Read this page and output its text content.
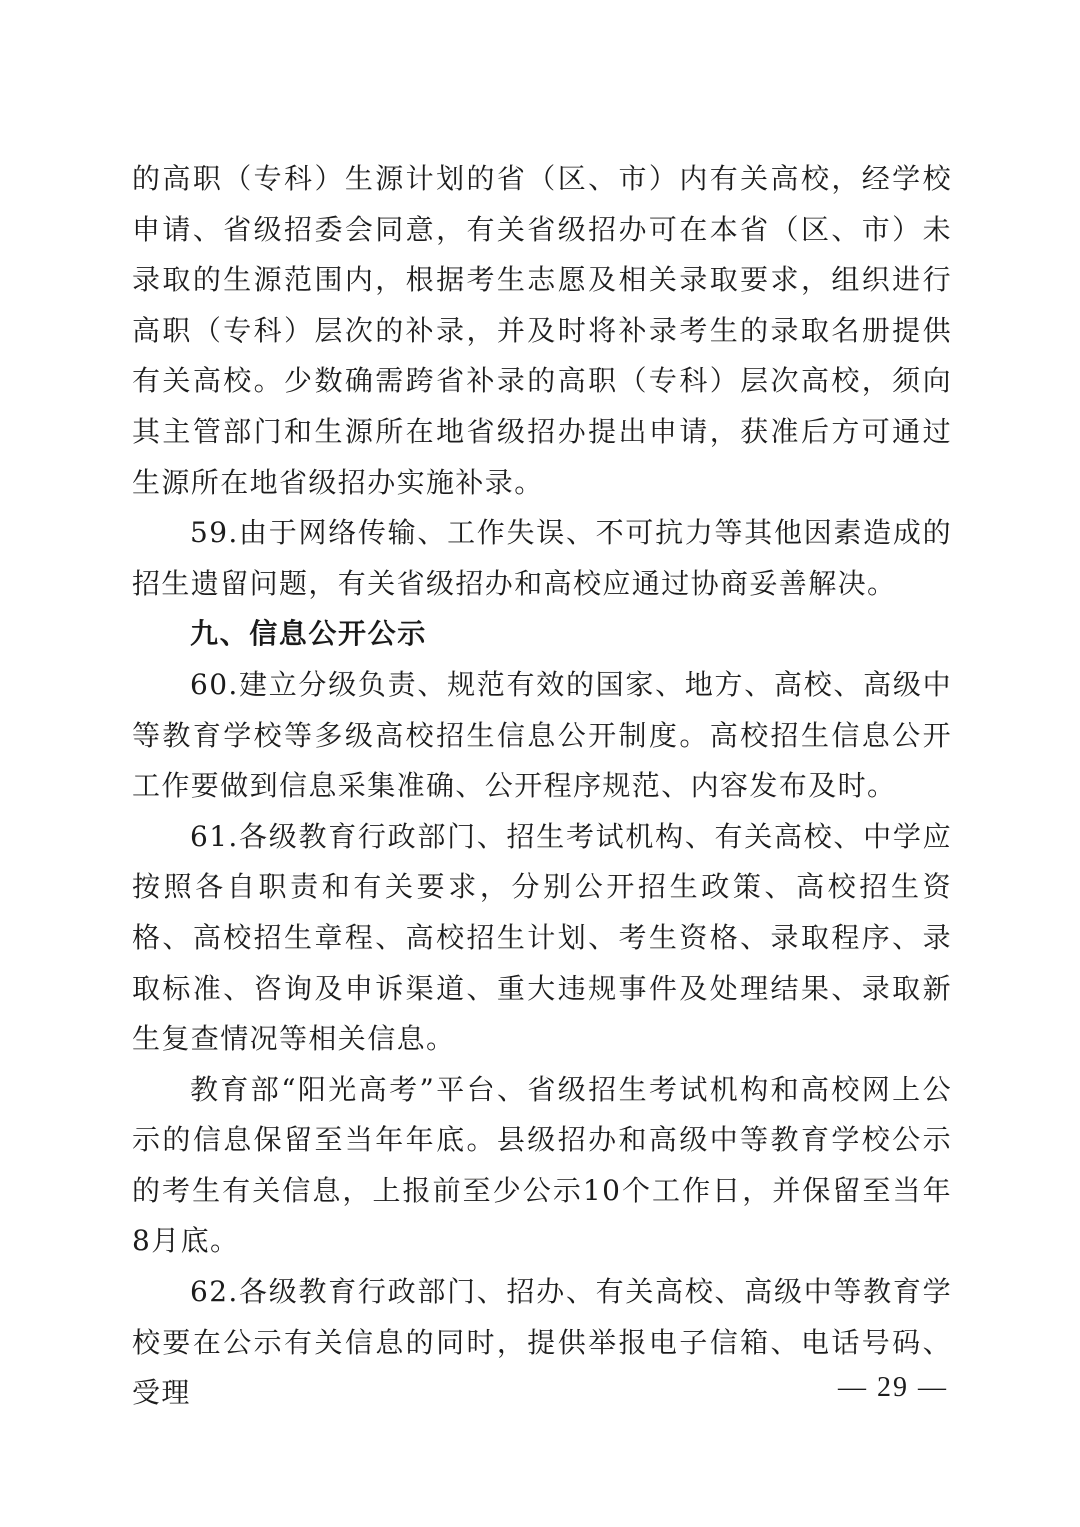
的高职（专科）生源计划的省（区、市）内有关高校，经学校申请、省级招委会同意，有关省级招办可在本省（区、市）未录取的生源范围内，根据考生志愿及相关录取要求，组织进行高职（专科）层次的补录，并及时将补录考生的录取名册提供有关高校。少数确需跨省补录的高职（专科）层次高校，须向其主管部门和生源所在地省级招办提出申请，获准后方可通过生源所在地省级招办实施补录。

59.由于网络传输、工作失误、不可抗力等其他因素造成的招生遗留问题，有关省级招办和高校应通过协商妥善解决。

九、信息公开公示

60.建立分级负责、规范有效的国家、地方、高校、高级中等教育学校等多级高校招生信息公开制度。高校招生信息公开工作要做到信息采集准确、公开程序规范、内容发布及时。

61.各级教育行政部门、招生考试机构、有关高校、中学应按照各自职责和有关要求，分别公开招生政策、高校招生资格、高校招生章程、高校招生计划、考生资格、录取程序、录取标准、咨询及申诉渠道、重大违规事件及处理结果、录取新生复查情况等相关信息。

教育部“阳光高考”平台、省级招生考试机构和高校网上公示的信息保留至当年年底。县级招办和高级中等教育学校公示的考生有关信息，上报前至少公示10个工作日，并保留至当年8月底。

62.各级教育行政部门、招办、有关高校、高级中等教育学校要在公示有关信息的同时，提供举报电子信箱、电话号码、受理	— 29 —
